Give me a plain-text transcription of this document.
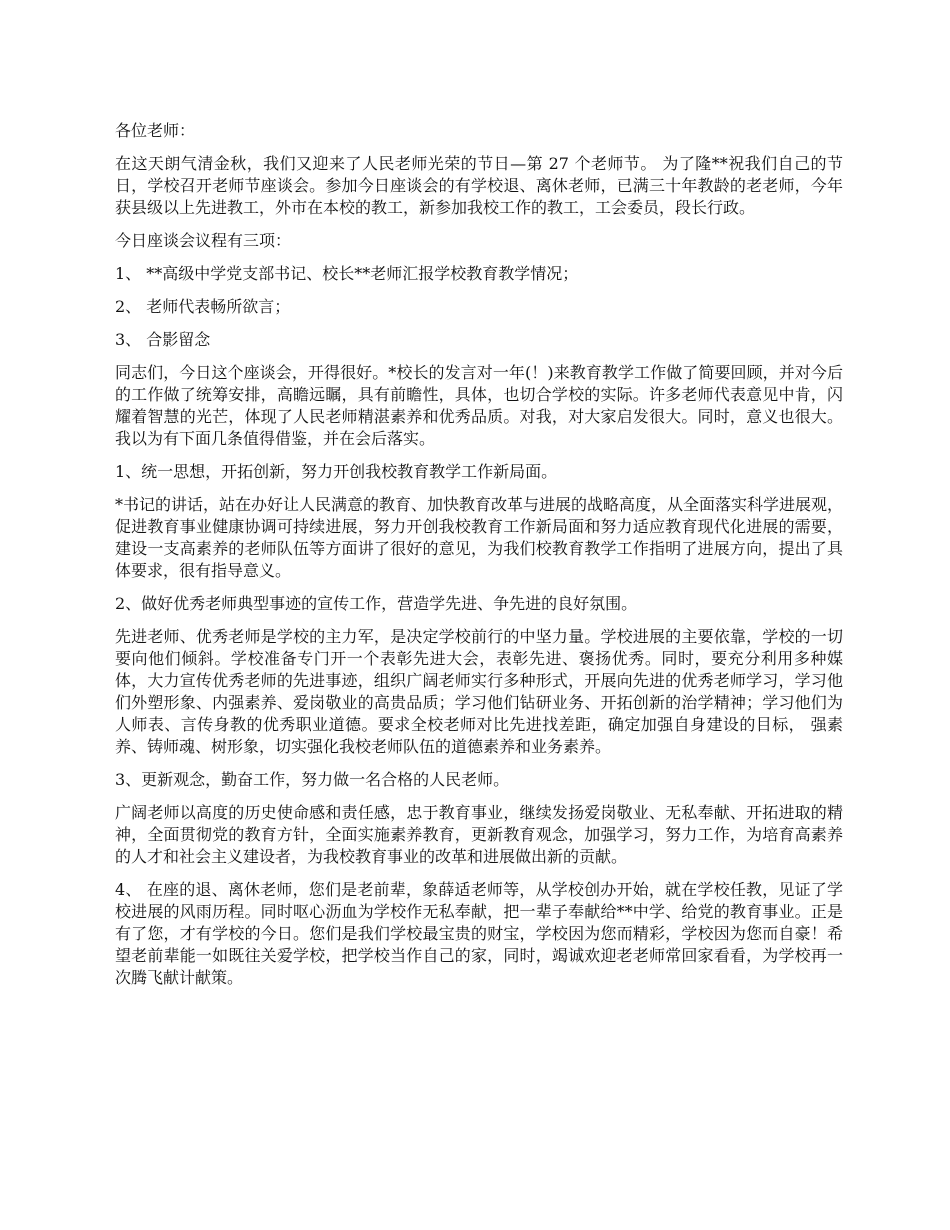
各位老师：

在这天朗气清金秋，我们又迎来了人民老师光荣的节日—第 27 个老师节。 为了隆**祝我们自己的节日，学校召开老师节座谈会。参加今日座谈会的有学校退、离休老师，已满三十年教龄的老老师，今年获县级以上先进教工，外市在本校的教工，新参加我校工作的教工，工会委员，段长行政。

今日座谈会议程有三项：

1、 **高级中学党支部书记、校长**老师汇报学校教育教学情况；

2、 老师代表畅所欲言；

3、 合影留念

同志们，今日这个座谈会，开得很好。*校长的发言对一年(！)来教育教学工作做了简要回顾，并对今后的工作做了统筹安排，高瞻远瞩，具有前瞻性，具体，也切合学校的实际。许多老师代表意见中肯，闪耀着智慧的光芒，体现了人民老师精湛素养和优秀品质。对我，对大家启发很大。同时，意义也很大。我以为有下面几条值得借鉴，并在会后落实。

1、统一思想，开拓创新，努力开创我校教育教学工作新局面。

*书记的讲话，站在办好让人民满意的教育、加快教育改革与进展的战略高度，从全面落实科学进展观，促进教育事业健康协调可持续进展，努力开创我校教育工作新局面和努力适应教育现代化进展的需要，建设一支高素养的老师队伍等方面讲了很好的意见，为我们校教育教学工作指明了进展方向，提出了具体要求，很有指导意义。

2、做好优秀老师典型事迹的宣传工作，营造学先进、争先进的良好氛围。

先进老师、优秀老师是学校的主力军，是决定学校前行的中坚力量。学校进展的主要依靠，学校的一切要向他们倾斜。学校准备专门开一个表彰先进大会，表彰先进、褒扬优秀。同时，要充分利用多种媒体，大力宣传优秀老师的先进事迹，组织广阔老师实行多种形式，开展向先进的优秀老师学习，学习他们外塑形象、内强素养、爱岗敬业的高贵品质；学习他们钻研业务、开拓创新的治学精神；学习他们为人师表、言传身教的优秀职业道德。要求全校老师对比先进找差距，确定加强自身建设的目标， 强素养、铸师魂、树形象，切实强化我校老师队伍的道德素养和业务素养。

3、更新观念，勤奋工作，努力做一名合格的人民老师。

广阔老师以高度的历史使命感和责任感，忠于教育事业，继续发扬爱岗敬业、无私奉献、开拓进取的精神，全面贯彻党的教育方针，全面实施素养教育，更新教育观念，加强学习，努力工作，为培育高素养的人才和社会主义建设者，为我校教育事业的改革和进展做出新的贡献。

4、 在座的退、离休老师，您们是老前辈，象薛适老师等，从学校创办开始，就在学校任教，见证了学校进展的风雨历程。同时呕心沥血为学校作无私奉献，把一辈子奉献给**中学、给党的教育事业。正是有了您，才有学校的今日。您们是我们学校最宝贵的财宝，学校因为您而精彩，学校因为您而自豪！希望老前辈能一如既往关爱学校，把学校当作自己的家，同时，竭诚欢迎老老师常回家看看，为学校再一次腾飞献计献策。
